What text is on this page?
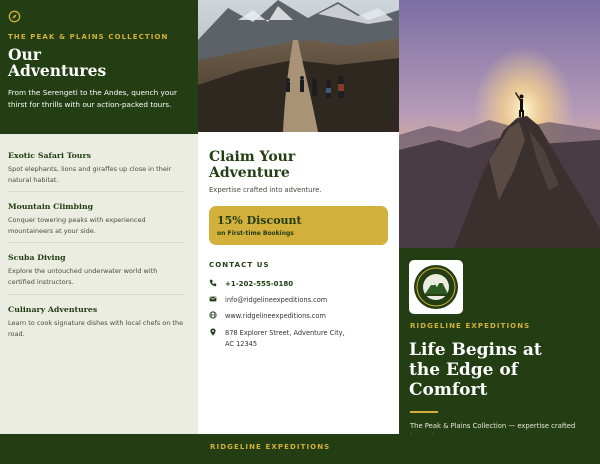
THE PEAK & PLAINS COLLECTION
Our
Adventures
From the Serengeti to the Andes, quench your thirst for thrills with our action-packed tours.
Exotic Safari Tours
Spot elephants, lions and giraffes up close in their natural habitat.
Mountain Climbing
Conquer towering peaks with experienced mountaineers at your side.
Scuba Diving
Explore the untouched underwater world with certified instructors.
Culinary Adventures
Learn to cook signature dishes with local chefs on the road.
Claim Your
Adventure
Expertise crafted into adventure.
15% Discount
on First-time Bookings
CONTACT US
+1-202-555-0180
info@ridgelineexpeditions.com
www.ridgelineexpeditions.com
878 Explorer Street, Adventure City,
AC 12345
RIDGELINE EXPEDITIONS
Life Begins at
the Edge of
Comfort
The Peak & Plains Collection — expertise crafted
RIDGELINE EXPEDITIONS
